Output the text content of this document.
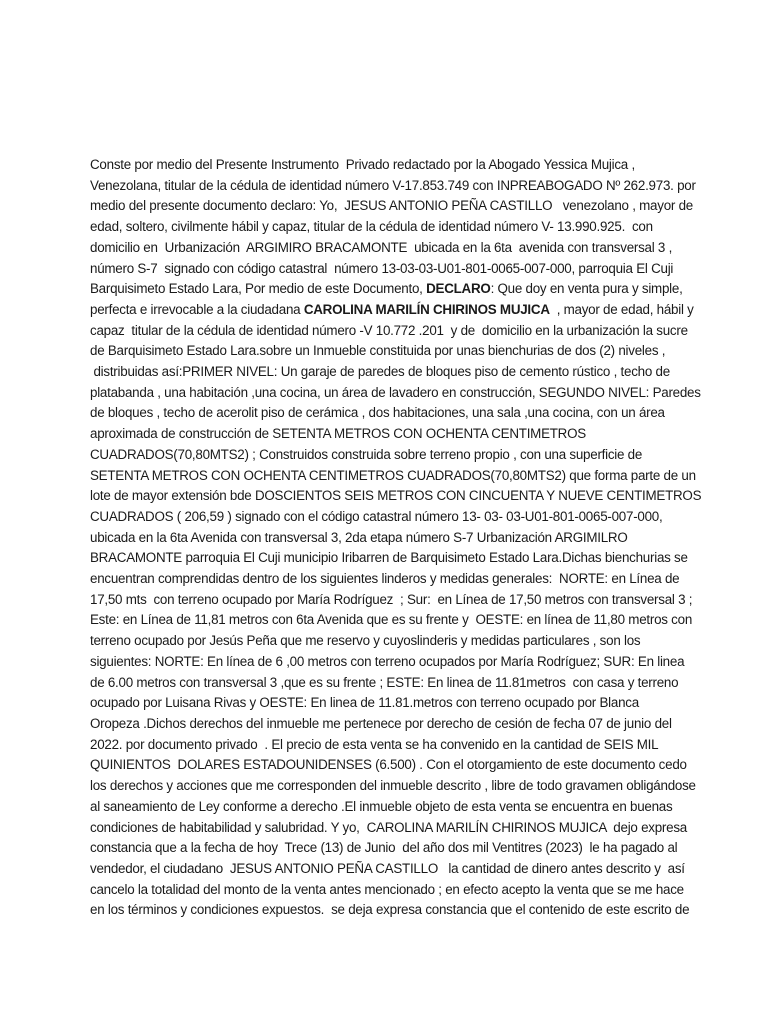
Conste por medio del Presente Instrumento  Privado redactado por la Abogado Yessica Mujica ,
Venezolana, titular de la cédula de identidad número V-17.853.749 con INPREABOGADO Nº 262.973. por
medio del presente documento declaro: Yo,  JESUS ANTONIO PEÑA CASTILLO   venezolano , mayor de
edad, soltero, civilmente hábil y capaz, titular de la cédula de identidad número V- 13.990.925.  con
domicilio en  Urbanización  ARGIMIRO BRACAMONTE  ubicada en la 6ta  avenida con transversal 3 ,
número S-7  signado con código catastral  número 13-03-03-U01-801-0065-007-000, parroquia El Cuji
Barquisimeto Estado Lara, Por medio de este Documento, DECLARO: Que doy en venta pura y simple,
perfecta e irrevocable a la ciudadana CAROLINA MARILÍN CHIRINOS MUJICA  , mayor de edad, hábil y
capaz  titular de la cédula de identidad número -V 10.772 .201  y de  domicilio en la urbanización la sucre
de Barquisimeto Estado Lara.sobre un Inmueble constituida por unas bienchurias de dos (2) niveles ,
distribuidas así:PRIMER NIVEL: Un garaje de paredes de bloques piso de cemento rústico , techo de
platabanda , una habitación ,una cocina, un área de lavadero en construcción, SEGUNDO NIVEL: Paredes
de bloques , techo de acerolit piso de cerámica , dos habitaciones, una sala ,una cocina, con un área
aproximada de construcción de SETENTA METROS CON OCHENTA CENTIMETROS
CUADRADOS(70,80MTS2) ; Construidos construida sobre terreno propio , con una superficie de
SETENTA METROS CON OCHENTA CENTIMETROS CUADRADOS(70,80MTS2) que forma parte de un
lote de mayor extensión bde DOSCIENTOS SEIS METROS CON CINCUENTA Y NUEVE CENTIMETROS
CUADRADOS ( 206,59 ) signado con el código catastral número 13- 03- 03-U01-801-0065-007-000,
ubicada en la 6ta Avenida con transversal 3, 2da etapa número S-7 Urbanización ARGIMILRO
BRACAMONTE parroquia El Cuji municipio Iribarren de Barquisimeto Estado Lara.Dichas bienchurias se
encuentran comprendidas dentro de los siguientes linderos y medidas generales:  NORTE: en Línea de
17,50 mts  con terreno ocupado por María Rodríguez  ; Sur:  en Línea de 17,50 metros con transversal 3 ;
Este: en Línea de 11,81 metros con 6ta Avenida que es su frente y  OESTE: en línea de 11,80 metros con
terreno ocupado por Jesús Peña que me reservo y cuyoslinderis y medidas particulares , son los
siguientes: NORTE: En línea de 6 ,00 metros con terreno ocupados por María Rodríguez; SUR: En linea
de 6.00 metros con transversal 3 ,que es su frente ; ESTE: En linea de 11.81metros  con casa y terreno
ocupado por Luisana Rivas y OESTE: En linea de 11.81.metros con terreno ocupado por Blanca
Oropeza .Dichos derechos del inmueble me pertenece por derecho de cesión de fecha 07 de junio del
2022. por documento privado  . El precio de esta venta se ha convenido en la cantidad de SEIS MIL
QUINIENTOS  DOLARES ESTADOUNIDENSES (6.500) . Con el otorgamiento de este documento cedo
los derechos y acciones que me corresponden del inmueble descrito , libre de todo gravamen obligándose
al saneamiento de Ley conforme a derecho .El inmueble objeto de esta venta se encuentra en buenas
condiciones de habitabilidad y salubridad. Y yo,  CAROLINA MARILÍN CHIRINOS MUJICA  dejo expresa
constancia que a la fecha de hoy  Trece (13) de Junio  del año dos mil Ventitres (2023)  le ha pagado al
vendedor, el ciudadano  JESUS ANTONIO PEÑA CASTILLO   la cantidad de dinero antes descrito y  así
cancelo la totalidad del monto de la venta antes mencionado ; en efecto acepto la venta que se me hace
en los términos y condiciones expuestos.  se deja expresa constancia que el contenido de este escrito de
